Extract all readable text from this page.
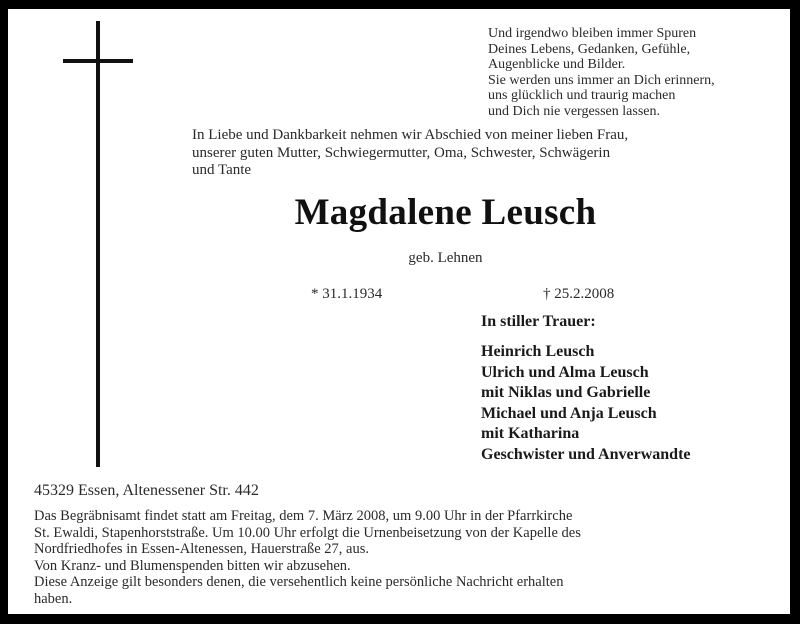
Und irgendwo bleiben immer Spuren
Deines Lebens, Gedanken, Gefühle,
Augenblicke und Bilder.
Sie werden uns immer an Dich erinnern,
uns glücklich und traurig machen
und Dich nie vergessen lassen.
In Liebe und Dankbarkeit nehmen wir Abschied von meiner lieben Frau,
unserer guten Mutter, Schwiegermutter, Oma, Schwester, Schwägerin
und Tante
Magdalene Leusch
geb. Lehnen
* 31.1.1934	† 25.2.2008
In stiller Trauer:
Heinrich Leusch
Ulrich und Alma Leusch
mit Niklas und Gabrielle
Michael und Anja Leusch
mit Katharina
Geschwister und Anverwandte
45329 Essen, Altenessener Str. 442
Das Begräbnisamt findet statt am Freitag, dem 7. März 2008, um 9.00 Uhr in der Pfarrkirche
St. Ewaldi, Stapenhorststraße. Um 10.00 Uhr erfolgt die Urnenbeisetzung von der Kapelle des
Nordfriedhofes in Essen-Altenessen, Hauerstraße 27, aus.
Von Kranz- und Blumenspenden bitten wir abzusehen.
Diese Anzeige gilt besonders denen, die versehentlich keine persönliche Nachricht erhalten
haben.
